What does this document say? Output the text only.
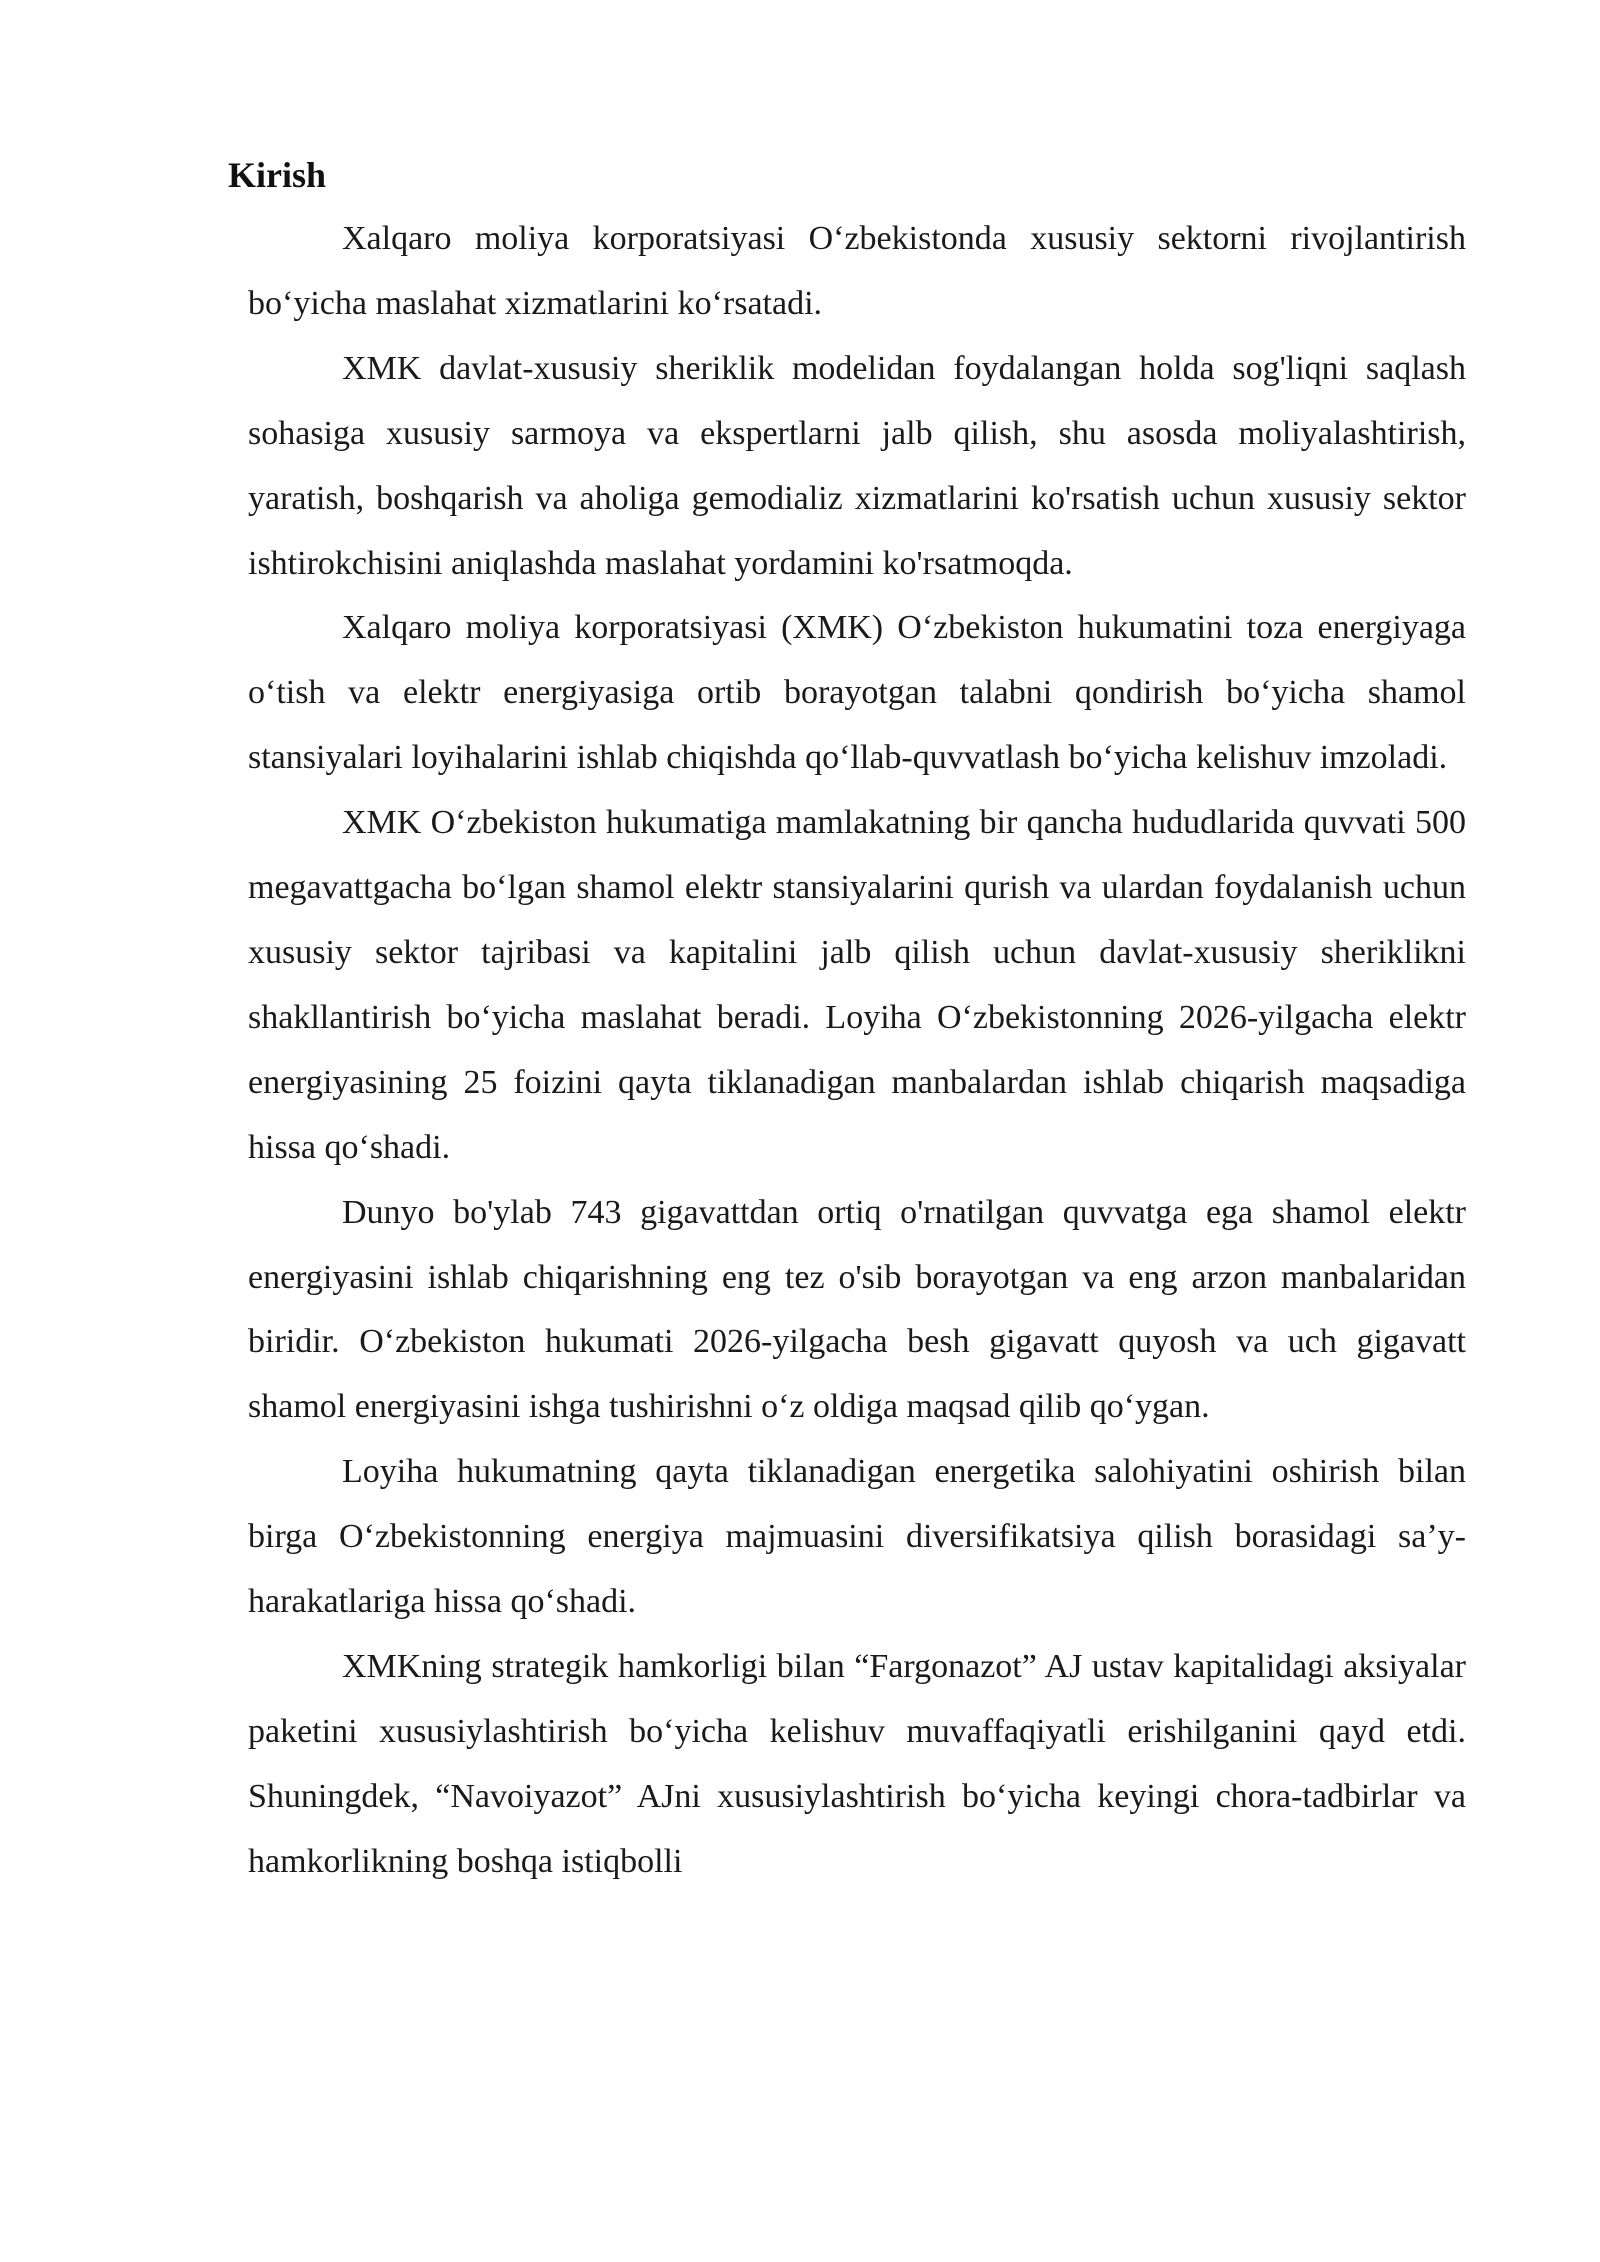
Kirish

Xalqaro moliya korporatsiyasi O‘zbekistonda xususiy sektorni rivojlantirish bo‘yicha maslahat xizmatlarini ko‘rsatadi.

XMK davlat-xususiy sheriklik modelidan foydalangan holda sog'liqni saqlash sohasiga xususiy sarmoya va ekspertlarni jalb qilish, shu asosda moliyalashtirish, yaratish, boshqarish va aholiga gemodializ xizmatlarini ko'rsatish uchun xususiy sektor ishtirokchisini aniqlashda maslahat yordamini ko'rsatmoqda.

Xalqaro moliya korporatsiyasi (XMK) O‘zbekiston hukumatini toza energiyaga o‘tish va elektr energiyasiga ortib borayotgan talabni qondirish bo‘yicha shamol stansiyalari loyihalarini ishlab chiqishda qo‘llab-quvvatlash bo‘yicha kelishuv imzoladi.

XMK O‘zbekiston hukumatiga mamlakatning bir qancha hududlarida quvvati 500 megavattgacha bo‘lgan shamol elektr stansiyalarini qurish va ulardan foydalanish uchun xususiy sektor tajribasi va kapitalini jalb qilish uchun davlat-xususiy sheriklikni shakllantirish bo‘yicha maslahat beradi. Loyiha O‘zbekistonning 2026-yilgacha elektr energiyasining 25 foizini qayta tiklanadigan manbalardan ishlab chiqarish maqsadiga hissa qo‘shadi.

Dunyo bo'ylab 743 gigavattdan ortiq o'rnatilgan quvvatga ega shamol elektr energiyasini ishlab chiqarishning eng tez o'sib borayotgan va eng arzon manbalaridan biridir. O‘zbekiston hukumati 2026-yilgacha besh gigavatt quyosh va uch gigavatt shamol energiyasini ishga tushirishni o‘z oldiga maqsad qilib qo‘ygan.

Loyiha hukumatning qayta tiklanadigan energetika salohiyatini oshirish bilan birga O‘zbekistonning energiya majmuasini diversifikatsiya qilish borasidagi sa’y-harakatlariga hissa qo‘shadi.

XMKning strategik hamkorligi bilan “Fargonazot” AJ ustav kapitalidagi aksiyalar paketini xususiylashtirish bo‘yicha kelishuv muvaffaqiyatli erishilganini qayd etdi. Shuningdek, “Navoiyazot” AJni xususiylashtirish bo‘yicha keyingi chora-tadbirlar va hamkorlikning boshqa istiqbolli
